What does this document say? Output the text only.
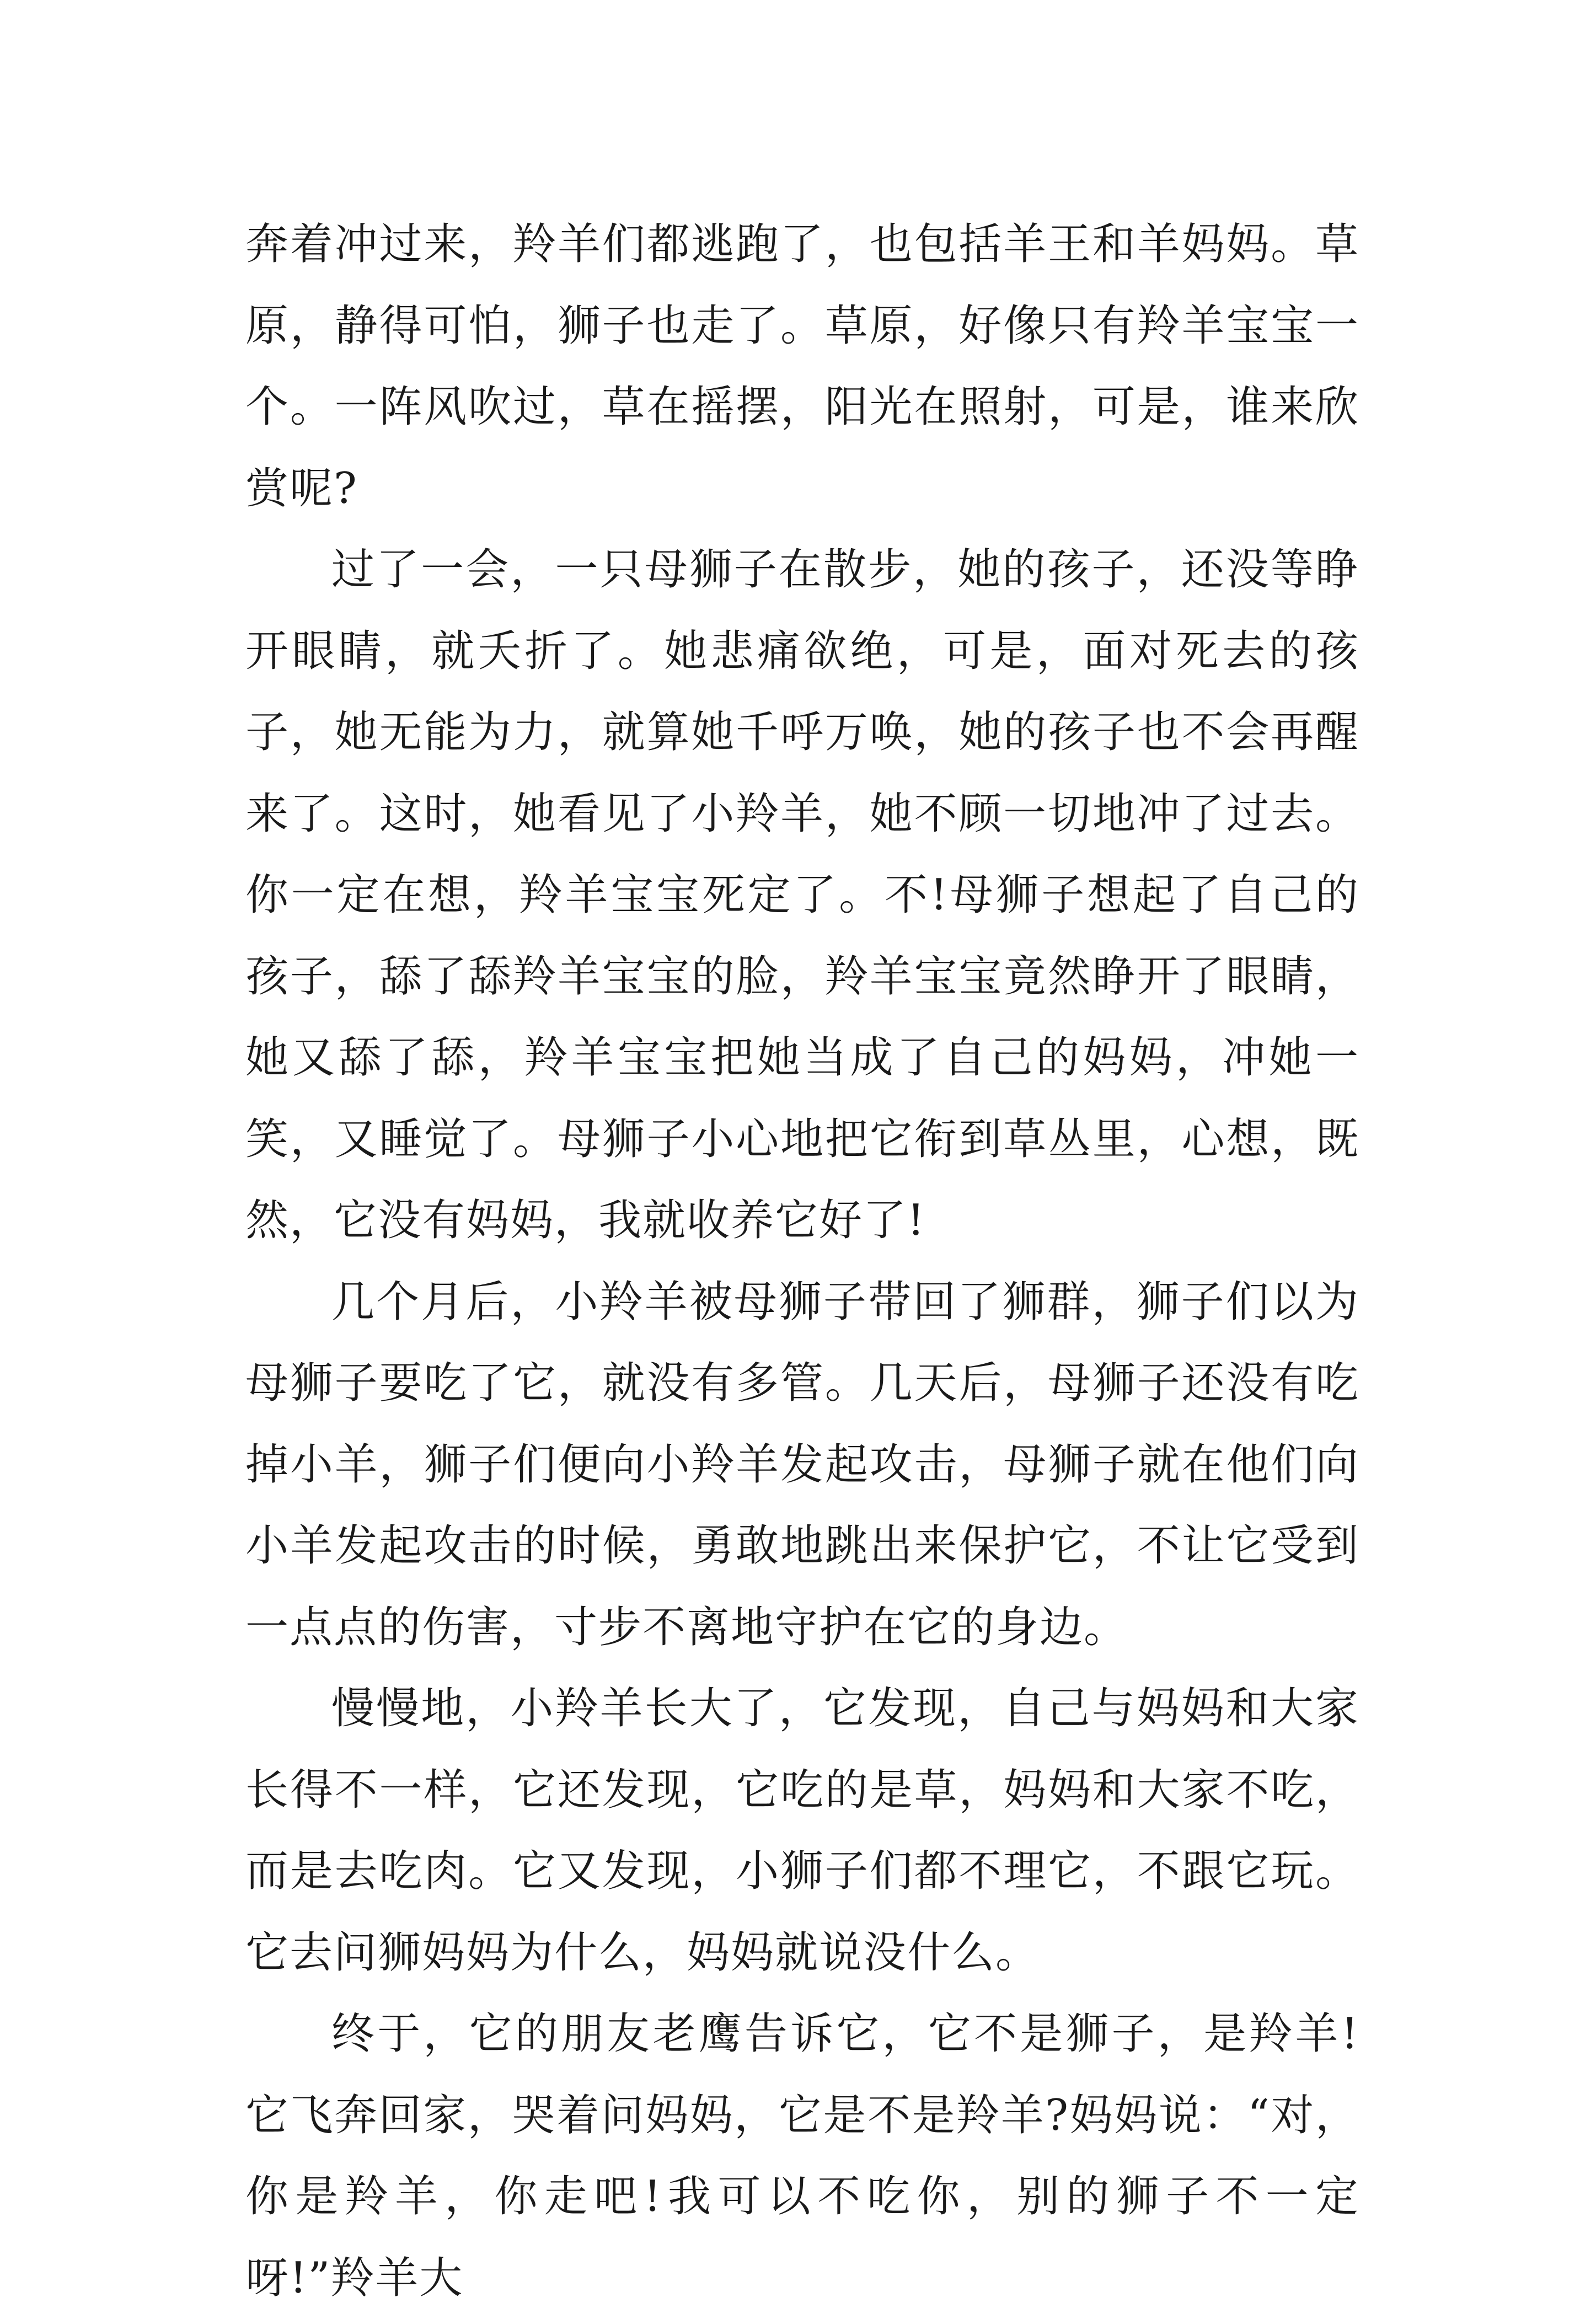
奔着冲过来，羚羊们都逃跑了，也包括羊王和羊妈妈。草原，静得可怕，狮子也走了。草原，好像只有羚羊宝宝一个。一阵风吹过，草在摇摆，阳光在照射，可是，谁来欣赏呢?

过了一会，一只母狮子在散步，她的孩子，还没等睁开眼睛，就夭折了。她悲痛欲绝，可是，面对死去的孩子，她无能为力，就算她千呼万唤，她的孩子也不会再醒来了。这时，她看见了小羚羊，她不顾一切地冲了过去。你一定在想，羚羊宝宝死定了。不!母狮子想起了自己的孩子，舔了舔羚羊宝宝的脸，羚羊宝宝竟然睁开了眼睛，她又舔了舔，羚羊宝宝把她当成了自己的妈妈，冲她一笑，又睡觉了。母狮子小心地把它衔到草丛里，心想，既然，它没有妈妈，我就收养它好了!

几个月后，小羚羊被母狮子带回了狮群，狮子们以为母狮子要吃了它，就没有多管。几天后，母狮子还没有吃掉小羊，狮子们便向小羚羊发起攻击，母狮子就在他们向小羊发起攻击的时候，勇敢地跳出来保护它，不让它受到一点点的伤害，寸步不离地守护在它的身边。

慢慢地，小羚羊长大了，它发现，自己与妈妈和大家长得不一样，它还发现，它吃的是草，妈妈和大家不吃，而是去吃肉。它又发现，小狮子们都不理它，不跟它玩。它去问狮妈妈为什么，妈妈就说没什么。

终于，它的朋友老鹰告诉它，它不是狮子，是羚羊!它飞奔回家，哭着问妈妈，它是不是羚羊?妈妈说：“对，你是羚羊，你走吧!我可以不吃你，别的狮子不一定呀!”羚羊大
